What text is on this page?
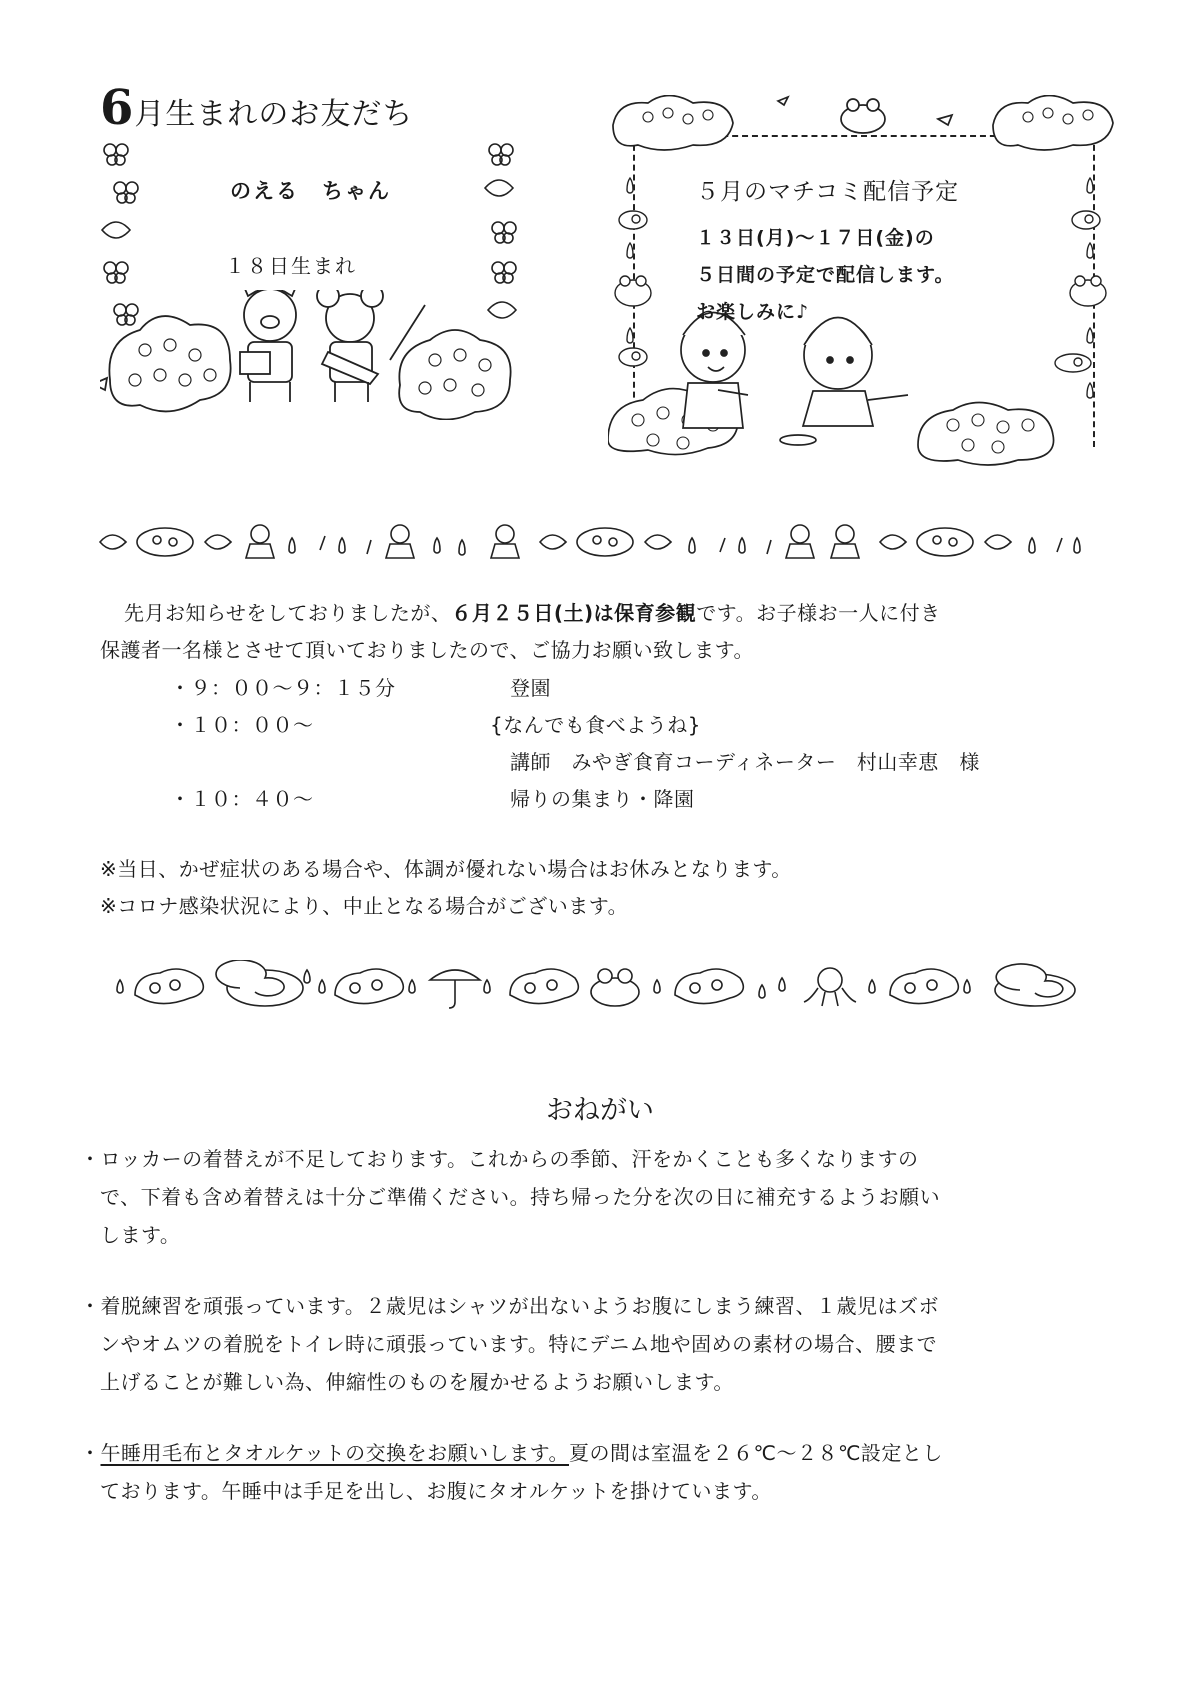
6月生まれのお友だち
のえる　ちゃん
１８日生まれ
５月のマチコミ配信予定
１３日(月)～１７日(金)の
５日間の予定で配信します。
お楽しみに♪
先月お知らせをしておりましたが、６月２５日(土)は保育参観です。お子様お一人に付き
保護者一名様とさせて頂いておりましたので、ご協力お願い致します。
・９：００～９：１５分	登園
・１０：００～	{なんでも食べようね}
講師　みやぎ食育コーディネーター　村山幸恵　様
・１０：４０～	帰りの集まり・降園
※当日、かぜ症状のある場合や、体調が優れない場合はお休みとなります。
※コロナ感染状況により、中止となる場合がございます。
おねがい
・ロッカーの着替えが不足しております。これからの季節、汗をかくことも多くなりますの
で、下着も含め着替えは十分ご準備ください。持ち帰った分を次の日に補充するようお願い
します。
・着脱練習を頑張っています。２歳児はシャツが出ないようお腹にしまう練習、１歳児はズボ
ンやオムツの着脱をトイレ時に頑張っています。特にデニム地や固めの素材の場合、腰まで
上げることが難しい為、伸縮性のものを履かせるようお願いします。
・午睡用毛布とタオルケットの交換をお願いします。夏の間は室温を２６℃～２８℃設定とし
ております。午睡中は手足を出し、お腹にタオルケットを掛けています。
